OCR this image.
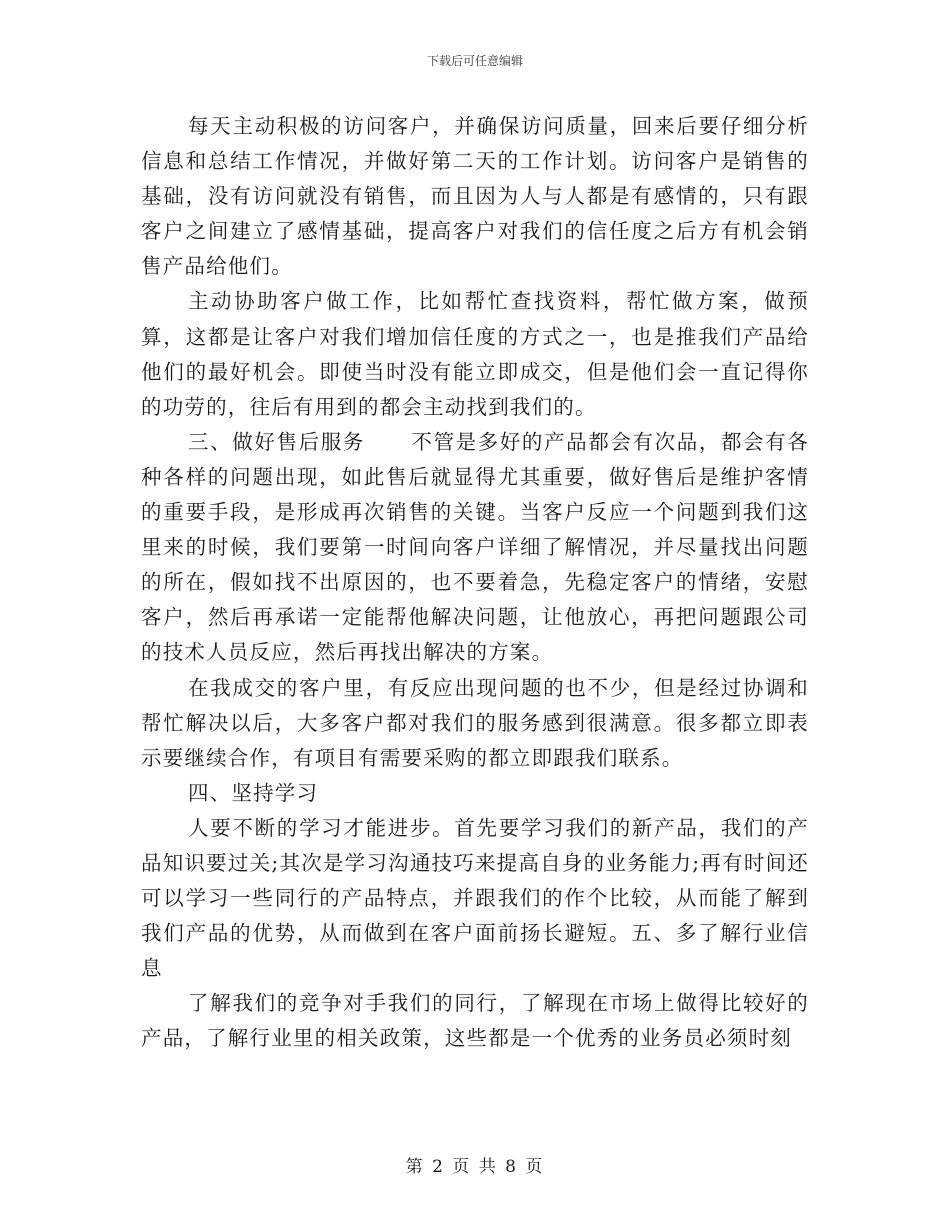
下载后可任意编辑

每天主动积极的访问客户，并确保访问质量，回来后要仔细分析信息和总结工作情况，并做好第二天的工作计划。访问客户是销售的基础，没有访问就没有销售，而且因为人与人都是有感情的，只有跟客户之间建立了感情基础，提高客户对我们的信任度之后方有机会销售产品给他们。

主动协助客户做工作，比如帮忙查找资料，帮忙做方案，做预算，这都是让客户对我们增加信任度的方式之一，也是推我们产品给他们的最好机会。即使当时没有能立即成交，但是他们会一直记得你的功劳的，往后有用到的都会主动找到我们的。

三、做好售后服务 不管是多好的产品都会有次品，都会有各种各样的问题出现，如此售后就显得尤其重要，做好售后是维护客情的重要手段，是形成再次销售的关键。当客户反应一个问题到我们这里来的时候，我们要第一时间向客户详细了解情况，并尽量找出问题的所在，假如找不出原因的，也不要着急，先稳定客户的情绪，安慰客户，然后再承诺一定能帮他解决问题，让他放心，再把问题跟公司的技术人员反应，然后再找出解决的方案。

在我成交的客户里，有反应出现问题的也不少，但是经过协调和帮忙解决以后，大多客户都对我们的服务感到很满意。很多都立即表示要继续合作，有项目有需要采购的都立即跟我们联系。

四、坚持学习

人要不断的学习才能进步。首先要学习我们的新产品，我们的产品知识要过关;其次是学习沟通技巧来提高自身的业务能力;再有时间还可以学习一些同行的产品特点，并跟我们的作个比较，从而能了解到我们产品的优势，从而做到在客户面前扬长避短。五、多了解行业信息

了解我们的竞争对手我们的同行，了解现在市场上做得比较好的产品，了解行业里的相关政策，这些都是一个优秀的业务员必须时刻

第 2 页 共 8 页
